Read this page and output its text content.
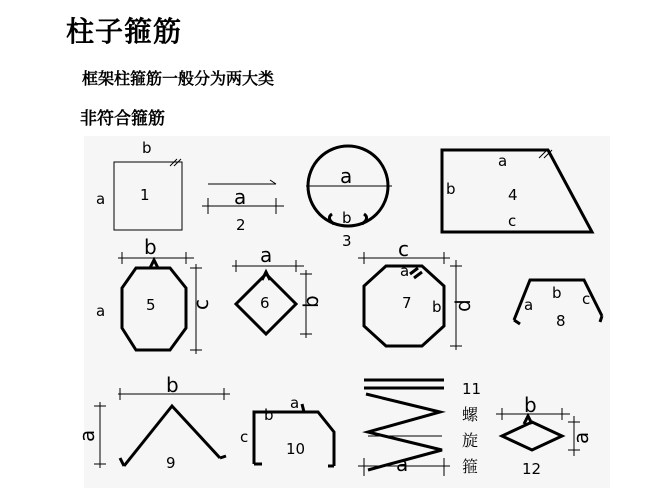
柱子箍筋
框架柱箍筋一般分为两大类
非符合箍筋
b
a 1	a
2
a
b
3
a
b
c
4
b
a	c
5
a
b
6
c
a
b d
7	a
b c
8
b
a
9
a
b
c
10
a
11
螺
旋
箍
b
a
12
